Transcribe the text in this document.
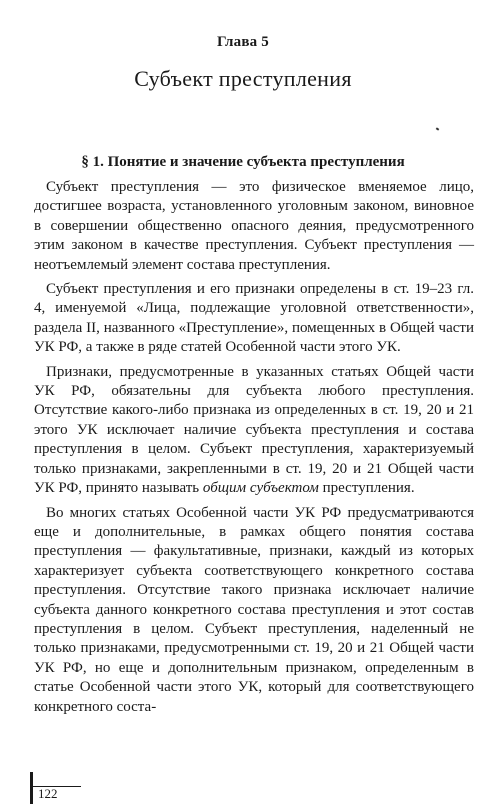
Глава 5
Субъект преступления
§ 1. Понятие и значение субъекта преступления

Субъект преступления — это физическое вменяемое лицо, достигшее возраста, установленного уголовным законом, виновное в совершении общественно опасного деяния, предусмотренного этим законом в качестве преступления. Субъект преступления — неотъемлемый элемент состава преступления.

Субъект преступления и его признаки определены в ст. 19–23 гл. 4, именуемой «Лица, подлежащие уголовной ответственности», раздела II, названного «Преступление», помещенных в Общей части УК РФ, а также в ряде статей Особенной части этого УК.

Признаки, предусмотренные в указанных статьях Общей части УК РФ, обязательны для субъекта любого преступления. Отсутствие какого-либо признака из определенных в ст. 19, 20 и 21 этого УК исключает наличие субъекта преступления и состава преступления в целом. Субъект преступления, характеризуемый только признаками, закрепленными в ст. 19, 20 и 21 Общей части УК РФ, принято называть общим субъектом преступления.

Во многих статьях Особенной части УК РФ предусматриваются еще и дополнительные, в рамках общего понятия состава преступления — факультативные, признаки, каждый из которых характеризует субъекта соответствующего конкретного состава преступления. Отсутствие такого признака исключает наличие субъекта данного конкретного состава преступления и этот состав преступления в целом. Субъект преступления, наделенный не только признаками, предусмотренными ст. 19, 20 и 21 Общей части УК РФ, но еще и дополнительным признаком, определенным в статье Особенной части этого УК, который для соответствующего конкретного соста-

122
